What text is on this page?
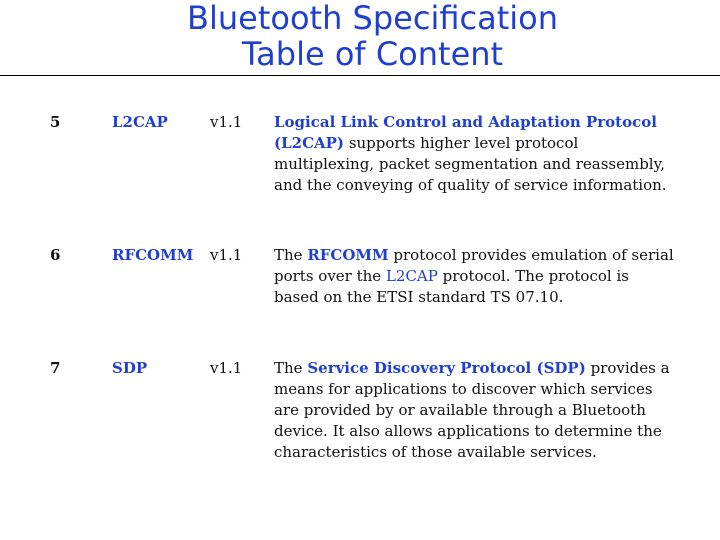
Bluetooth Specification
Table of Content
5	L2CAP	v1.1 Logical Link Control and Adaptation Protocol (L2CAP) supports higher level protocol multiplexing, packet segmentation and reassembly, and the conveying of quality of service information.
6	RFCOMM v1.1 The RFCOMM protocol provides emulation of serial ports over the L2CAP protocol. The protocol is based on the ETSI standard TS 07.10.
7	SDP	v1.1 The Service Discovery Protocol (SDP) provides a means for applications to discover which services are provided by or available through a Bluetooth device. It also allows applications to determine the characteristics of those available services.
